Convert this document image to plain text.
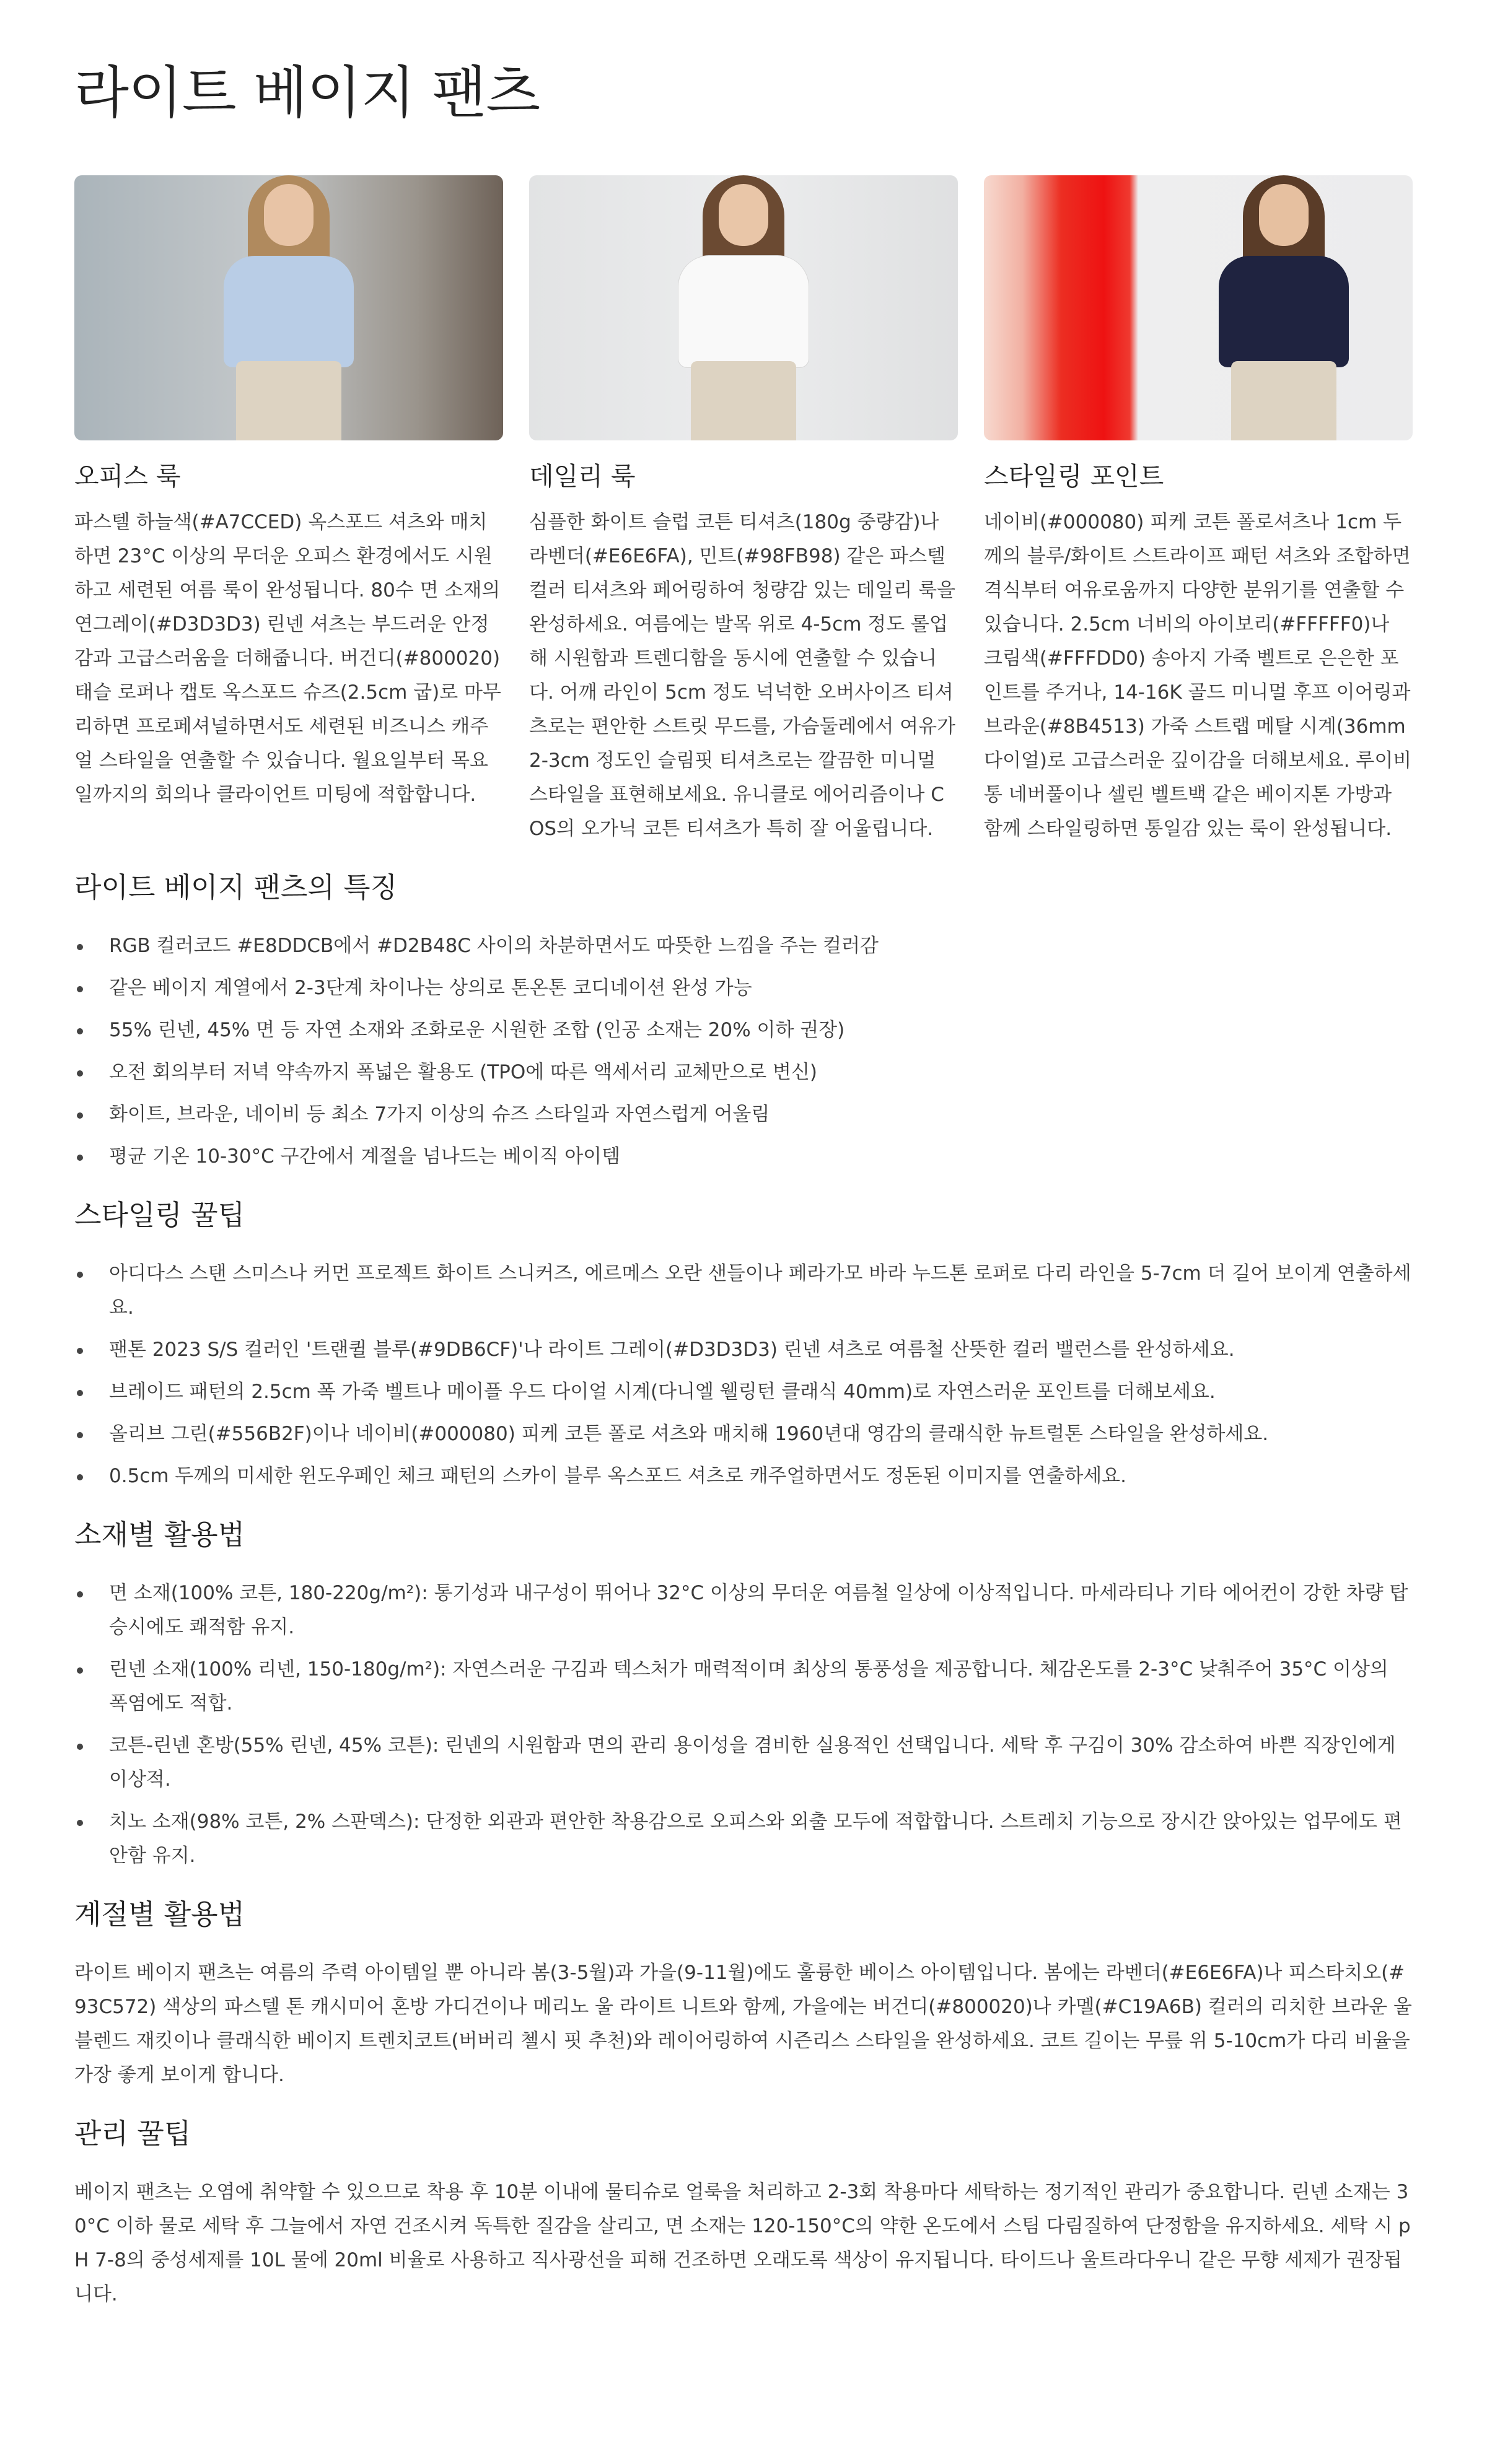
라이트 베이지 팬츠
오피스 룩

파스텔 하늘색(#A7CCED) 옥스포드 셔츠와 매치하면 23°C 이상의 무더운 오피스 환경에서도 시원하고 세련된 여름 룩이 완성됩니다. 80수 면 소재의 연그레이(#D3D3D3) 린넨 셔츠는 부드러운 안정감과 고급스러움을 더해줍니다. 버건디(#800020) 태슬 로퍼나 캡토 옥스포드 슈즈(2.5cm 굽)로 마무리하면 프로페셔널하면서도 세련된 비즈니스 캐주얼 스타일을 연출할 수 있습니다. 월요일부터 목요일까지의 회의나 클라이언트 미팅에 적합합니다.

데일리 룩

심플한 화이트 슬럽 코튼 티셔츠(180g 중량감)나 라벤더(#E6E6FA), 민트(#98FB98) 같은 파스텔 컬러 티셔츠와 페어링하여 청량감 있는 데일리 룩을 완성하세요. 여름에는 발목 위로 4-5cm 정도 롤업해 시원함과 트렌디함을 동시에 연출할 수 있습니다. 어깨 라인이 5cm 정도 넉넉한 오버사이즈 티셔츠로는 편안한 스트릿 무드를, 가슴둘레에서 여유가 2-3cm 정도인 슬림핏 티셔츠로는 깔끔한 미니멀 스타일을 표현해보세요. 유니클로 에어리즘이나 COS의 오가닉 코튼 티셔츠가 특히 잘 어울립니다.

스타일링 포인트

네이비(#000080) 피케 코튼 폴로셔츠나 1cm 두께의 블루/화이트 스트라이프 패턴 셔츠와 조합하면 격식부터 여유로움까지 다양한 분위기를 연출할 수 있습니다. 2.5cm 너비의 아이보리(#FFFFF0)나 크림색(#FFFDD0) 송아지 가죽 벨트로 은은한 포인트를 주거나, 14-16K 골드 미니멀 후프 이어링과 브라운(#8B4513) 가죽 스트랩 메탈 시계(36mm 다이얼)로 고급스러운 깊이감을 더해보세요. 루이비통 네버풀이나 셀린 벨트백 같은 베이지톤 가방과 함께 스타일링하면 통일감 있는 룩이 완성됩니다.

라이트 베이지 팬츠의 특징
RGB 컬러코드 #E8DDCB에서 #D2B48C 사이의 차분하면서도 따뜻한 느낌을 주는 컬러감
같은 베이지 계열에서 2-3단계 차이나는 상의로 톤온톤 코디네이션 완성 가능
55% 린넨, 45% 면 등 자연 소재와 조화로운 시원한 조합 (인공 소재는 20% 이하 권장)
오전 회의부터 저녁 약속까지 폭넓은 활용도 (TPO에 따른 액세서리 교체만으로 변신)
화이트, 브라운, 네이비 등 최소 7가지 이상의 슈즈 스타일과 자연스럽게 어울림
평균 기온 10-30°C 구간에서 계절을 넘나드는 베이직 아이템
스타일링 꿀팁
아디다스 스탠 스미스나 커먼 프로젝트 화이트 스니커즈, 에르메스 오란 샌들이나 페라가모 바라 누드톤 로퍼로 다리 라인을 5-7cm 더 길어 보이게 연출하세요.
팬톤 2023 S/S 컬러인 '트랜퀼 블루(#9DB6CF)'나 라이트 그레이(#D3D3D3) 린넨 셔츠로 여름철 산뜻한 컬러 밸런스를 완성하세요.
브레이드 패턴의 2.5cm 폭 가죽 벨트나 메이플 우드 다이얼 시계(다니엘 웰링턴 클래식 40mm)로 자연스러운 포인트를 더해보세요.
올리브 그린(#556B2F)이나 네이비(#000080) 피케 코튼 폴로 셔츠와 매치해 1960년대 영감의 클래식한 뉴트럴톤 스타일을 완성하세요.
0.5cm 두께의 미세한 윈도우페인 체크 패턴의 스카이 블루 옥스포드 셔츠로 캐주얼하면서도 정돈된 이미지를 연출하세요.
소재별 활용법
면 소재(100% 코튼, 180-220g/m²): 통기성과 내구성이 뛰어나 32°C 이상의 무더운 여름철 일상에 이상적입니다. 마세라티나 기타 에어컨이 강한 차량 탑승시에도 쾌적함 유지.
린넨 소재(100% 리넨, 150-180g/m²): 자연스러운 구김과 텍스처가 매력적이며 최상의 통풍성을 제공합니다. 체감온도를 2-3°C 낮춰주어 35°C 이상의 폭염에도 적합.
코튼-린넨 혼방(55% 린넨, 45% 코튼): 린넨의 시원함과 면의 관리 용이성을 겸비한 실용적인 선택입니다. 세탁 후 구김이 30% 감소하여 바쁜 직장인에게 이상적.
치노 소재(98% 코튼, 2% 스판덱스): 단정한 외관과 편안한 착용감으로 오피스와 외출 모두에 적합합니다. 스트레치 기능으로 장시간 앉아있는 업무에도 편안함 유지.
계절별 활용법

라이트 베이지 팬츠는 여름의 주력 아이템일 뿐 아니라 봄(3-5월)과 가을(9-11월)에도 훌륭한 베이스 아이템입니다. 봄에는 라벤더(#E6E6FA)나 피스타치오(#93C572) 색상의 파스텔 톤 캐시미어 혼방 가디건이나 메리노 울 라이트 니트와 함께, 가을에는 버건디(#800020)나 카멜(#C19A6B) 컬러의 리치한 브라운 울 블렌드 재킷이나 클래식한 베이지 트렌치코트(버버리 첼시 핏 추천)와 레이어링하여 시즌리스 스타일을 완성하세요. 코트 길이는 무릎 위 5-10cm가 다리 비율을 가장 좋게 보이게 합니다.

관리 꿀팁

베이지 팬츠는 오염에 취약할 수 있으므로 착용 후 10분 이내에 물티슈로 얼룩을 처리하고 2-3회 착용마다 세탁하는 정기적인 관리가 중요합니다. 린넨 소재는 30°C 이하 물로 세탁 후 그늘에서 자연 건조시켜 독특한 질감을 살리고, 면 소재는 120-150°C의 약한 온도에서 스팀 다림질하여 단정함을 유지하세요. 세탁 시 pH 7-8의 중성세제를 10L 물에 20ml 비율로 사용하고 직사광선을 피해 건조하면 오래도록 색상이 유지됩니다. 타이드나 울트라다우니 같은 무향 세제가 권장됩니다.
